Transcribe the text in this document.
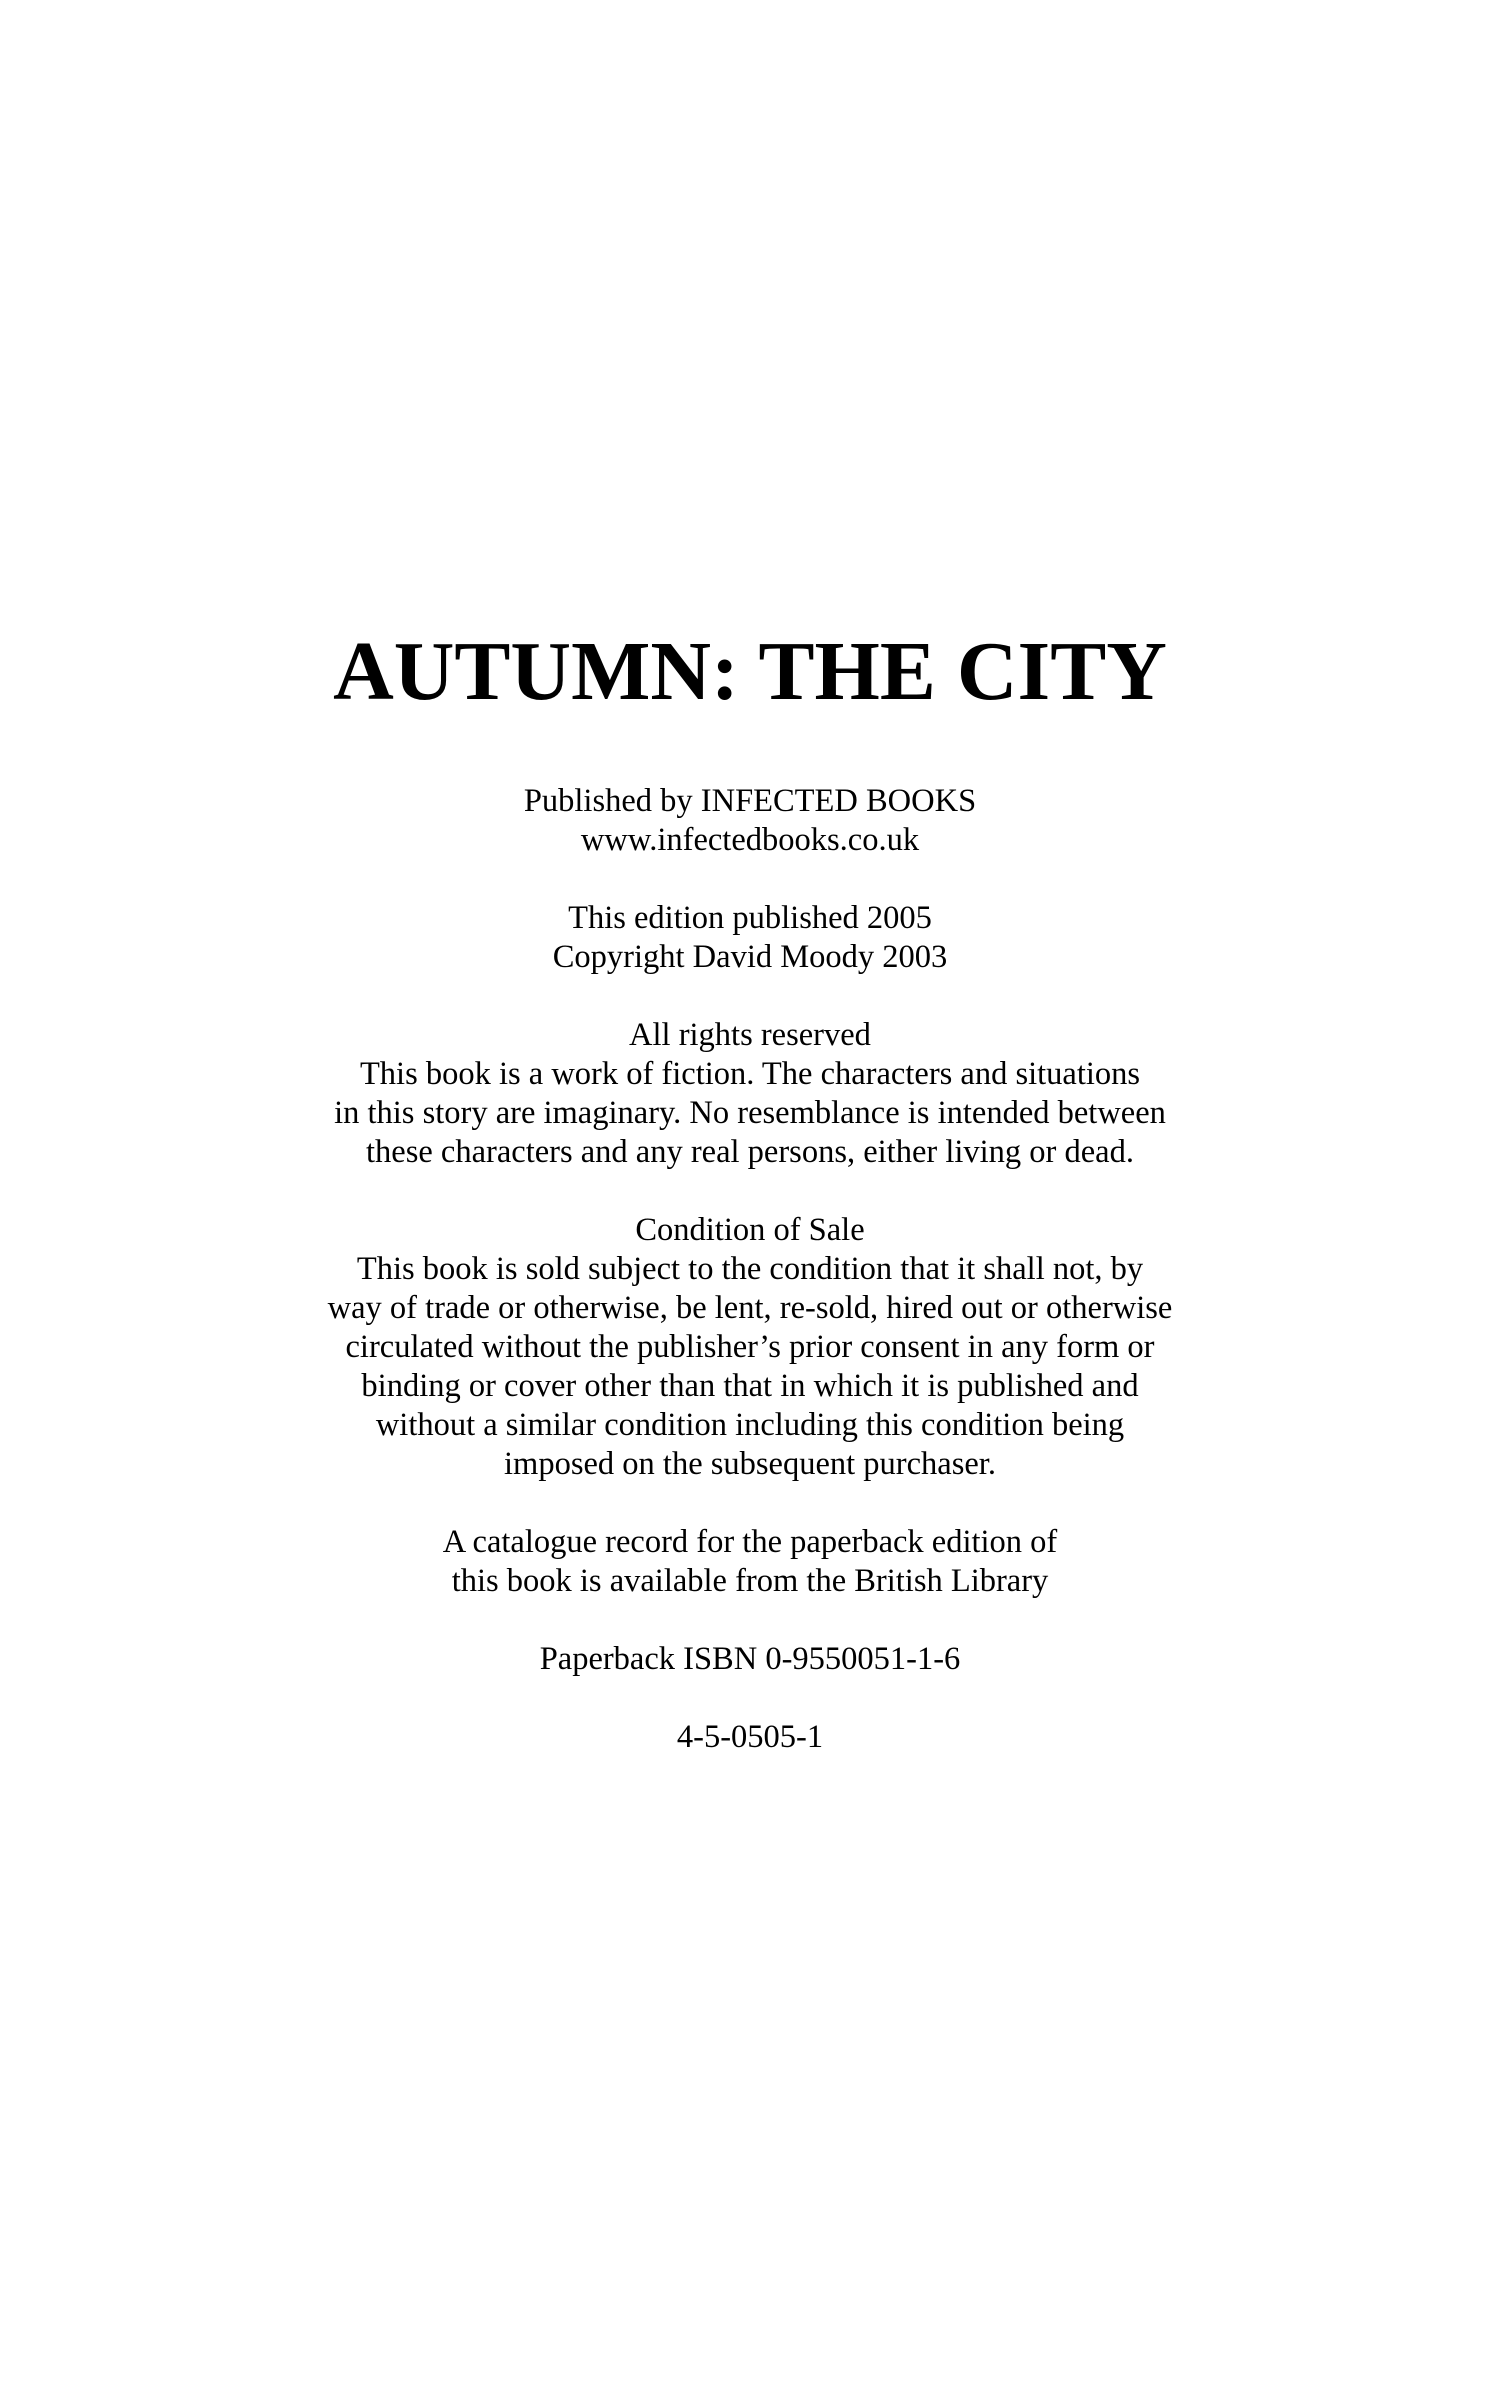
AUTUMN: THE CITY
Published by INFECTED BOOKS
www.infectedbooks.co.uk
This edition published 2005
Copyright David Moody 2003
All rights reserved
This book is a work of fiction. The characters and situations
in this story are imaginary. No resemblance is intended between
these characters and any real persons, either living or dead.
Condition of Sale
This book is sold subject to the condition that it shall not, by
way of trade or otherwise, be lent, re-sold, hired out or otherwise
circulated without the publisher’s prior consent in any form or
binding or cover other than that in which it is published and
without a similar condition including this condition being
imposed on the subsequent purchaser.
A catalogue record for the paperback edition of
this book is available from the British Library
Paperback ISBN 0-9550051-1-6
4-5-0505-1
